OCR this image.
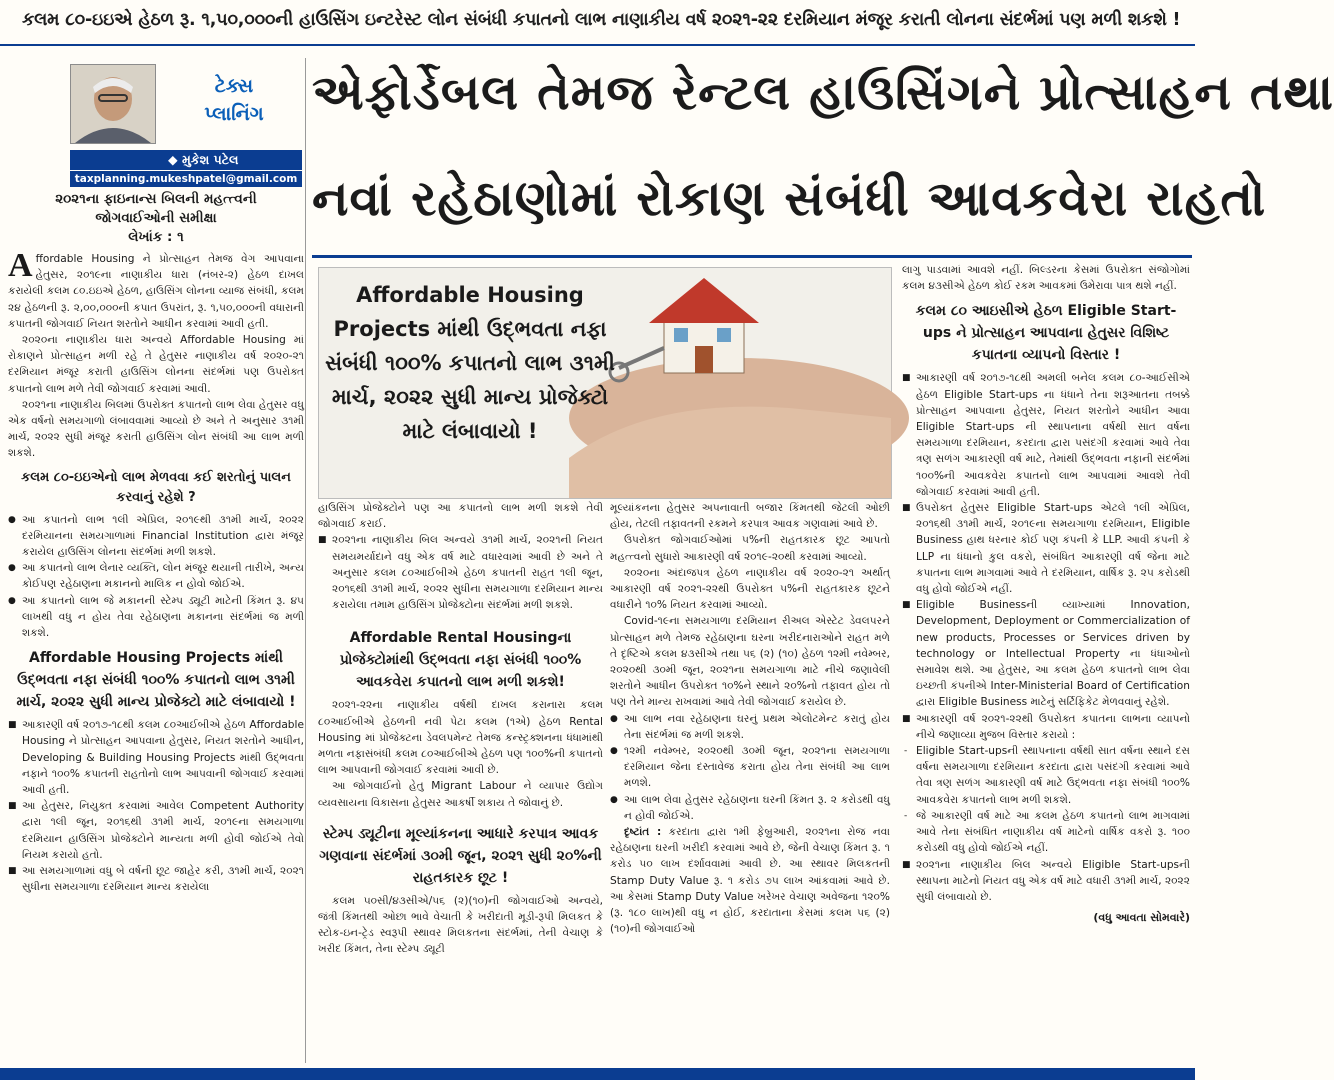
કલમ ૮૦-ઇઇએ હેઠળ રૂ. ૧,૫૦,૦૦૦ની હાઉસિંગ ઇન્ટરેસ્ટ લોન સંબંધી કપાતનો લાભ નાણાકીય વર્ષ ૨૦૨૧-૨૨ દરમિયાન મંજૂર કરાતી લોનના સંદર્ભમાં પણ મળી શકશે !
ટેક્સ
પ્લાનિંગ
◆ મુકેશ પટેલ
taxplanning.mukeshpatel@gmail.com
૨૦૨૧ના ફાઇનાન્સ બિલની મહત્ત્વની જોગવાઈઓની સમીક્ષા
લેખાંક : ૧

Affordable Housing ને પ્રોત્સાહન તેમજ વેગ આપવાના હેતુસર, ૨૦૧૯ના નાણાકીય ધારા (નંબર-૨) હેઠળ દાખલ કરાયેલી કલમ ૮૦.ઇઇએ હેઠળ, હાઉસિંગ લોનના વ્યાજ સંબંધી, કલમ ૨૪ હેઠળની રૂ. ૨,૦૦,૦૦૦ની કપાત ઉપરાંત, રૂ. ૧,૫૦,૦૦૦ની વધારાની કપાતની જોગવાઈ નિયત શરતોને આધીન કરવામાં આવી હતી.

૨૦૨૦ના નાણાકીય ધારા અન્વયે Affordable Housing માં રોકાણને પ્રોત્સાહન મળી રહે તે હેતુસર નાણાકીય વર્ષ ૨૦૨૦-૨૧ દરમિયાન મંજૂર કરાતી હાઉસિંગ લોનના સંદર્ભમાં પણ ઉપરોક્ત કપાતનો લાભ મળે તેવી જોગવાઈ કરવામાં આવી.

૨૦૨૧ના નાણાકીય બિલમાં ઉપરોક્ત કપાતનો લાભ લેવા હેતુસર વધુ એક વર્ષનો સમયગાળો લંબાવવામાં આવ્યો છે અને તે અનુસાર ૩૧મી માર્ચ, ૨૦૨૨ સુધી મંજૂર કરાતી હાઉસિંગ લોન સંબંધી આ લાભ મળી શકશે.

કલમ ૮૦-ઇઇએનો લાભ મેળવવા કઈ શરતોનું પાલન કરવાનું રહેશે ?

● આ કપાતનો લાભ ૧લી એપ્રિલ, ૨૦૧૯થી ૩૧મી માર્ચ, ૨૦૨૨ દરમિયાનના સમયગાળામાં Financial Institution દ્વારા મંજૂર કરાયેલ હાઉસિંગ લોનના સંદર્ભમાં મળી શકશે.

● આ કપાતનો લાભ લેનાર વ્યક્તિ, લોન મંજૂર થયાની તારીખે, અન્ય કોઈપણ રહેઠાણના મકાનનો માલિક ન હોવો જોઈએ.

● આ કપાતનો લાભ જે મકાનની સ્ટેમ્પ ડ્યૂટી માટેની કિંમત રૂ. ૪૫ લાખથી વધુ ન હોય તેવા રહેઠાણના મકાનના સંદર્ભમાં જ મળી શકશે.

Affordable Housing Projects માંથી ઉદ્ભવતા નફા સંબંધી ૧૦૦% કપાતનો લાભ ૩૧મી માર્ચ, ૨૦૨૨ સુધી માન્ય પ્રોજેક્ટો માટે લંબાવાયો !

■ આકારણી વર્ષ ૨૦૧૭-૧૮થી કલમ ૮૦આઈબીએ હેઠળ Affordable Housing ને પ્રોત્સાહન આપવાના હેતુસર, નિયત શરતોને આધીન, Developing & Building Housing Projects માંથી ઉદ્ભવતા નફાને ૧૦૦% કપાતની રાહતોનો લાભ આપવાની જોગવાઈ કરવામાં આવી હતી.

■ આ હેતુસર, નિયુક્ત કરવામાં આવેલ Competent Authority દ્વારા ૧લી જૂન, ૨૦૧૬થી ૩૧મી માર્ચ, ૨૦૧૯ના સમયગાળા દરમિયાન હાઉસિંગ પ્રોજેક્ટોને માન્યતા મળી હોવી જોઈએ તેવો નિયમ કરાયો હતો.

■ આ સમયગાળામાં વધુ બે વર્ષની છૂટ જાહેર કરી, ૩૧મી માર્ચ, ૨૦૨૧ સુધીના સમયગાળા દરમિયાન માન્ય કરાયેલા

એફોર્ડેબલ તેમજ રેન્ટલ હાઉસિંગને પ્રોત્સાહન તથા
નવાં રહેઠાણોમાં રોકાણ સંબંધી આવકવેરા રાહતો
Affordable Housing Projects માંથી ઉદ્ભવતા નફા સંબંધી ૧૦૦% કપાતનો લાભ ૩૧મી માર્ચ, ૨૦૨૨ સુધી માન્ય પ્રોજેક્ટો માટે લંબાવાયો !

હાઉસિંગ પ્રોજેક્ટોને પણ આ કપાતનો લાભ મળી શકશે તેવી જોગવાઈ કરાઈ.

■ ૨૦૨૧ના નાણાકીય બિલ અન્વયે ૩૧મી માર્ચ, ૨૦૨૧ની નિયત સમયમર્યાદાને વધુ એક વર્ષ માટે વધારવામાં આવી છે અને તે અનુસાર કલમ ૮૦આઈબીએ હેઠળ કપાતની રાહત ૧લી જૂન, ૨૦૧૬થી ૩૧મી માર્ચ, ૨૦૨૨ સુધીના સમયગાળા દરમિયાન માન્ય કરાયેલા તમામ હાઉસિંગ પ્રોજેક્ટોના સંદર્ભમાં મળી શકશે.

Affordable Rental Housingના પ્રોજેક્ટોમાંથી ઉદ્ભવતા નફા સંબંધી ૧૦૦% આવકવેરા કપાતનો લાભ મળી શકશે!

૨૦૨૧-૨૨ના નાણાકીય વર્ષથી દાખલ કરાનારા કલમ ૮૦આઈબીએ હેઠળની નવી પેટા કલમ (૧એ) હેઠળ Rental Housing માં પ્રોજેક્ટના ડેવલપમેન્ટ તેમજ કન્સ્ટ્રક્શનના ધંધામાંથી મળતા નફાસંબંધી કલમ ૮૦આઈબીએ હેઠળ પણ ૧૦૦%ની કપાતનો લાભ આપવાની જોગવાઈ કરવામાં આવી છે.

આ જોગવાઈનો હેતુ Migrant Labour ને વ્યાપાર ઉદ્યોગ વ્યવસાયના વિકાસના હેતુસર આકર્ષી શકાય તે જોવાનું છે.

સ્ટેમ્પ ડ્યૂટીના મૂલ્યાંકનના આધારે કરપાત્ર આવક ગણવાના સંદર્ભમાં ૩૦મી જૂન, ૨૦૨૧ સુધી ૨૦%ની રાહતકારક છૂટ !

કલમ ૫૦સી/૪૩સીએ/૫૬ (૨)(૧૦)ની જોગવાઈઓ અન્વયે, જંત્રી કિંમતથી ઓછા ભાવે વેચાતી કે ખરીદાતી મૂડી-રૂપી મિલકત કે સ્ટોક-ઇન-ટ્રેડ સ્વરૂપી સ્થાવર મિલકતના સંદર્ભમાં, તેની વેચાણ કે ખરીદ કિંમત, તેના સ્ટેમ્પ ડ્યૂટી

મૂલ્યાંકનના હેતુસર અપનાવાતી બજાર કિંમતથી જેટલી ઓછી હોય, તેટલી તફાવતની રકમને કરપાત્ર આવક ગણવામાં આવે છે.

ઉપરોક્ત જોગવાઈઓમાં ૫%ની રાહતકારક છૂટ આપતો મહત્ત્વનો સુધારો આકારણી વર્ષ ૨૦૧૯-૨૦થી કરવામાં આવ્યો.

૨૦૨૦ના અંદાજપત્ર હેઠળ નાણાકીય વર્ષ ૨૦૨૦-૨૧ અર્થાત્ આકારણી વર્ષ ૨૦૨૧-૨૨થી ઉપરોક્ત ૫%ની રાહતકારક છૂટને વધારીને ૧૦% નિયત કરવામાં આવ્યો.

Covid-૧૯ના સમયગાળા દરમિયાન રીઅલ એસ્ટેટ ડેવલપરને પ્રોત્સાહન મળે તેમજ રહેઠાણના ઘરના ખરીદનારાઓને રાહત મળે તે દૃષ્ટિએ કલમ ૪૩સીએ તથા ૫૬ (૨) (૧૦) હેઠળ ૧૨મી નવેમ્બર, ૨૦૨૦થી ૩૦મી જૂન, ૨૦૨૧ના સમયગાળા માટે નીચે જણાવેલી શરતોને આધીન ઉપરોક્ત ૧૦%ને સ્થાને ૨૦%નો તફાવત હોય તો પણ તેને માન્ય રાખવામાં આવે તેવી જોગવાઈ કરાયેલ છે.

● આ લાભ નવા રહેઠાણના ઘરનું પ્રથમ એલોટમેન્ટ કરાતું હોય તેના સંદર્ભમાં જ મળી શકશે.

● ૧૨મી નવેમ્બર, ૨૦૨૦થી ૩૦મી જૂન, ૨૦૨૧ના સમયગાળા દરમિયાન જેના દસ્તાવેજ કરાતા હોય તેના સંબંધી આ લાભ મળશે.

● આ લાભ લેવા હેતુસર રહેઠાણના ઘરની કિંમત રૂ. ૨ કરોડથી વધુ ન હોવી જોઈએ.

દૃષ્ટાંત : કરદાતા દ્વારા ૧મી ફેબ્રુઆરી, ૨૦૨૧ના રોજ નવા રહેઠાણના ઘરની ખરીદી કરવામાં આવે છે, જેની વેચાણ કિંમત રૂ. ૧ કરોડ ૫૦ લાખ દર્શાવવામાં આવી છે. આ સ્થાવર મિલકતની Stamp Duty Value રૂ. ૧ કરોડ ૭૫ લાખ આંકવામાં આવે છે. આ કેસમાં Stamp Duty Value ખરેખર વેચાણ અવેજના ૧૨૦% (રૂ. ૧૮૦ લાખ)થી વધુ ન હોઈ, કરદાતાના કેસમાં કલમ ૫૬ (૨) (૧૦)ની જોગવાઈઓ

લાગુ પાડવામાં આવશે નહીં. બિલ્ડરના કેસમાં ઉપરોક્ત સંજોગોમાં કલમ ૪૩સીએ હેઠળ કોઈ રકમ આવકમાં ઉમેરાવા પાત્ર થશે નહીં.

કલમ ૮૦ આઇસીએ હેઠળ Eligible Start-ups ને પ્રોત્સાહન આપવાના હેતુસર વિશિષ્ટ કપાતના વ્યાપનો વિસ્તાર !

■ આકારણી વર્ષ ૨૦૧૭-૧૮થી અમલી બનેલ કલમ ૮૦-આઈસીએ હેઠળ Eligible Start-ups ના ધંધાને તેના શરૂઆતના તબક્કે પ્રોત્સાહન આપવાના હેતુસર, નિયત શરતોને આધીન આવા Eligible Start-ups ની સ્થાપનાના વર્ષથી સાત વર્ષના સમયગાળા દરમિયાન, કરદાતા દ્વારા પસંદગી કરવામાં આવે તેવા ત્રણ સળંગ આકારણી વર્ષ માટે, તેમાંથી ઉદ્ભવતા નફાની સંદર્ભમાં ૧૦૦%ની આવકવેરા કપાતનો લાભ આપવામાં આવશે તેવી જોગવાઈ કરવામાં આવી હતી.

■ ઉપરોક્ત હેતુસર Eligible Start-ups એટલે ૧લી એપ્રિલ, ૨૦૧૬થી ૩૧મી માર્ચ, ૨૦૧૯ના સમયગાળા દરમિયાન, Eligible Business હાથ ધરનાર કોઈ પણ કંપની કે LLP. આવી કંપની કે LLP ના ધંધાનો કુલ વકરો, સંબંધિત આકારણી વર્ષ જેના માટે કપાતના લાભ માગવામાં આવે તે દરમિયાન, વાર્ષિક રૂ. ૨૫ કરોડથી વધુ હોવો જોઈએ નહીં.

■ Eligible Businessની વ્યાખ્યામાં Innovation, Development, Deployment or Commercialization of new products, Processes or Services driven by technology or Intellectual Property ના ધંધાઓનો સમાવેશ થશે. આ હેતુસર, આ કલમ હેઠળ કપાતનો લાભ લેવા ઇચ્છતી કંપનીએ Inter-Ministerial Board of Certification દ્વારા Eligible Business માટેનું સર્ટિફિકેટ મેળવવાનું રહેશે.

■ આકારણી વર્ષ ૨૦૨૧-૨૨થી ઉપરોક્ત કપાતના લાભના વ્યાપનો નીચે જણાવ્યા મુજબ વિસ્તાર કરાયો :

- Eligible Start-upsની સ્થાપનાના વર્ષથી સાત વર્ષના સ્થાને દસ વર્ષના સમયગાળા દરમિયાન કરદાતા દ્વારા પસંદગી કરવામાં આવે તેવા ત્રણ સળંગ આકારણી વર્ષ માટે ઉદ્ભવતા નફા સંબંધી ૧૦૦% આવકવેરા કપાતનો લાભ મળી શકશે.

- જે આકારણી વર્ષ માટે આ કલમ હેઠળ કપાતનો લાભ માગવામાં આવે તેના સંબંધિત નાણાકીય વર્ષ માટેનો વાર્ષિક વકરો રૂ. ૧૦૦ કરોડથી વધુ હોવો જોઈએ નહીં.

■ ૨૦૨૧ના નાણાકીય બિલ અન્વયે Eligible Start-upsની સ્થાપના માટેનો નિયત વધુ એક વર્ષ માટે વધારી ૩૧મી માર્ચ, ૨૦૨૨ સુધી લંબાવાયો છે.

(વધુ આવતા સોમવારે)
